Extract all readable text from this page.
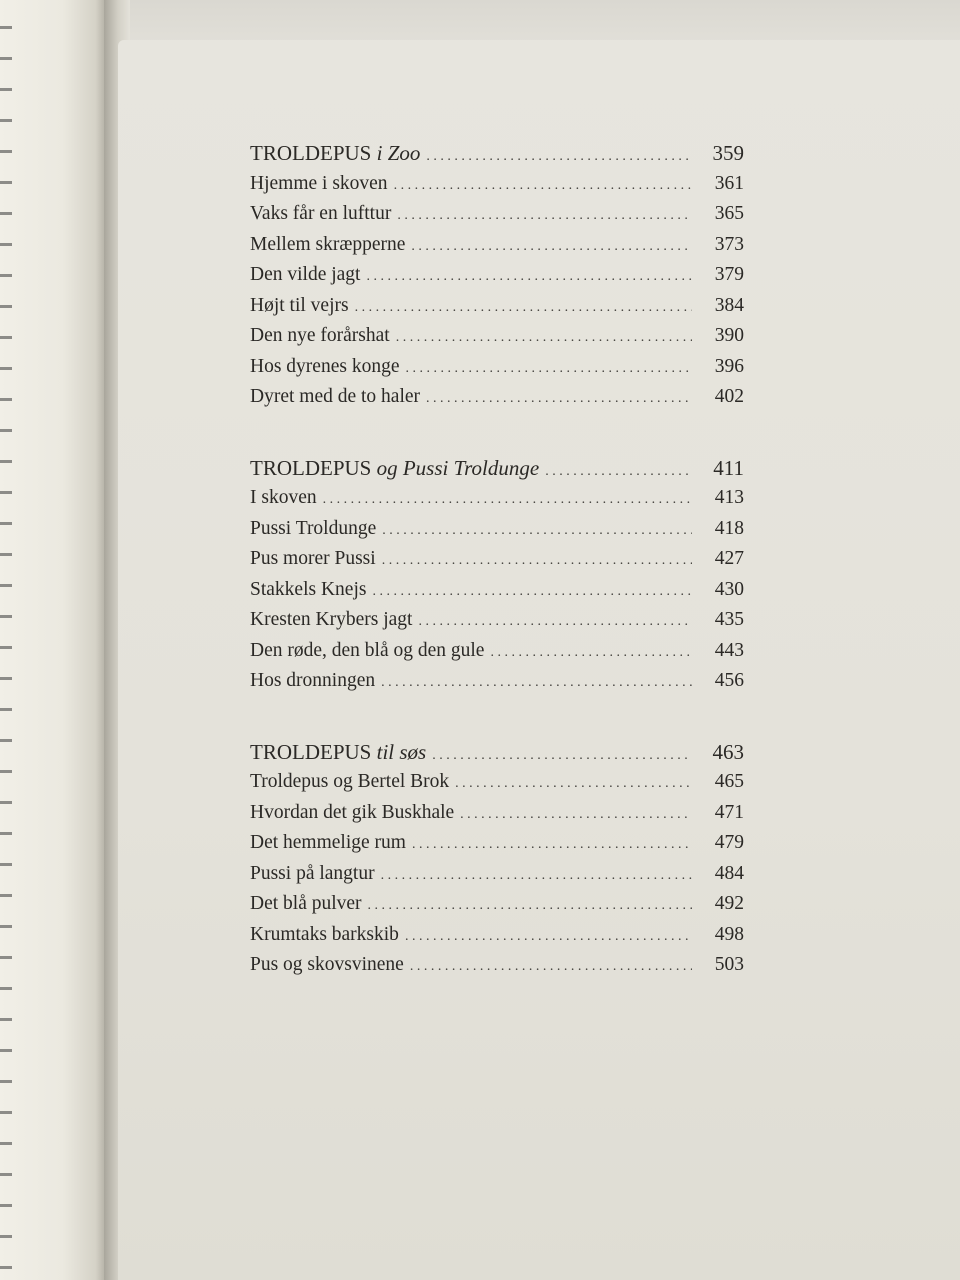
TROLDEPUS i Zoo . . .	359
Hjemme i skoven . . .	361
Vaks får en lufttur . . .	365
Mellem skræpperne . . .	373
Den vilde jagt . . .	379
Højt til vejrs . . .	384
Den nye forårshat . . .	390
Hos dyrenes konge . . .	396
Dyret med de to haler . . .	402
TROLDEPUS og Pussi Troldunge . . .	411
I skoven . . .	413
Pussi Troldunge . . .	418
Pus morer Pussi . . .	427
Stakkels Knejs . . .	430
Kresten Krybers jagt . . .	435
Den røde, den blå og den gule . . .	443
Hos dronningen . . .	456
TROLDEPUS til søs . . .	463
Troldepus og Bertel Brok . . .	465
Hvordan det gik Buskhale . . .	471
Det hemmelige rum . . .	479
Pussi på langtur . . .	484
Det blå pulver . . .	492
Krumtaks barkskib . . .	498
Pus og skovsvinene . . .	503
